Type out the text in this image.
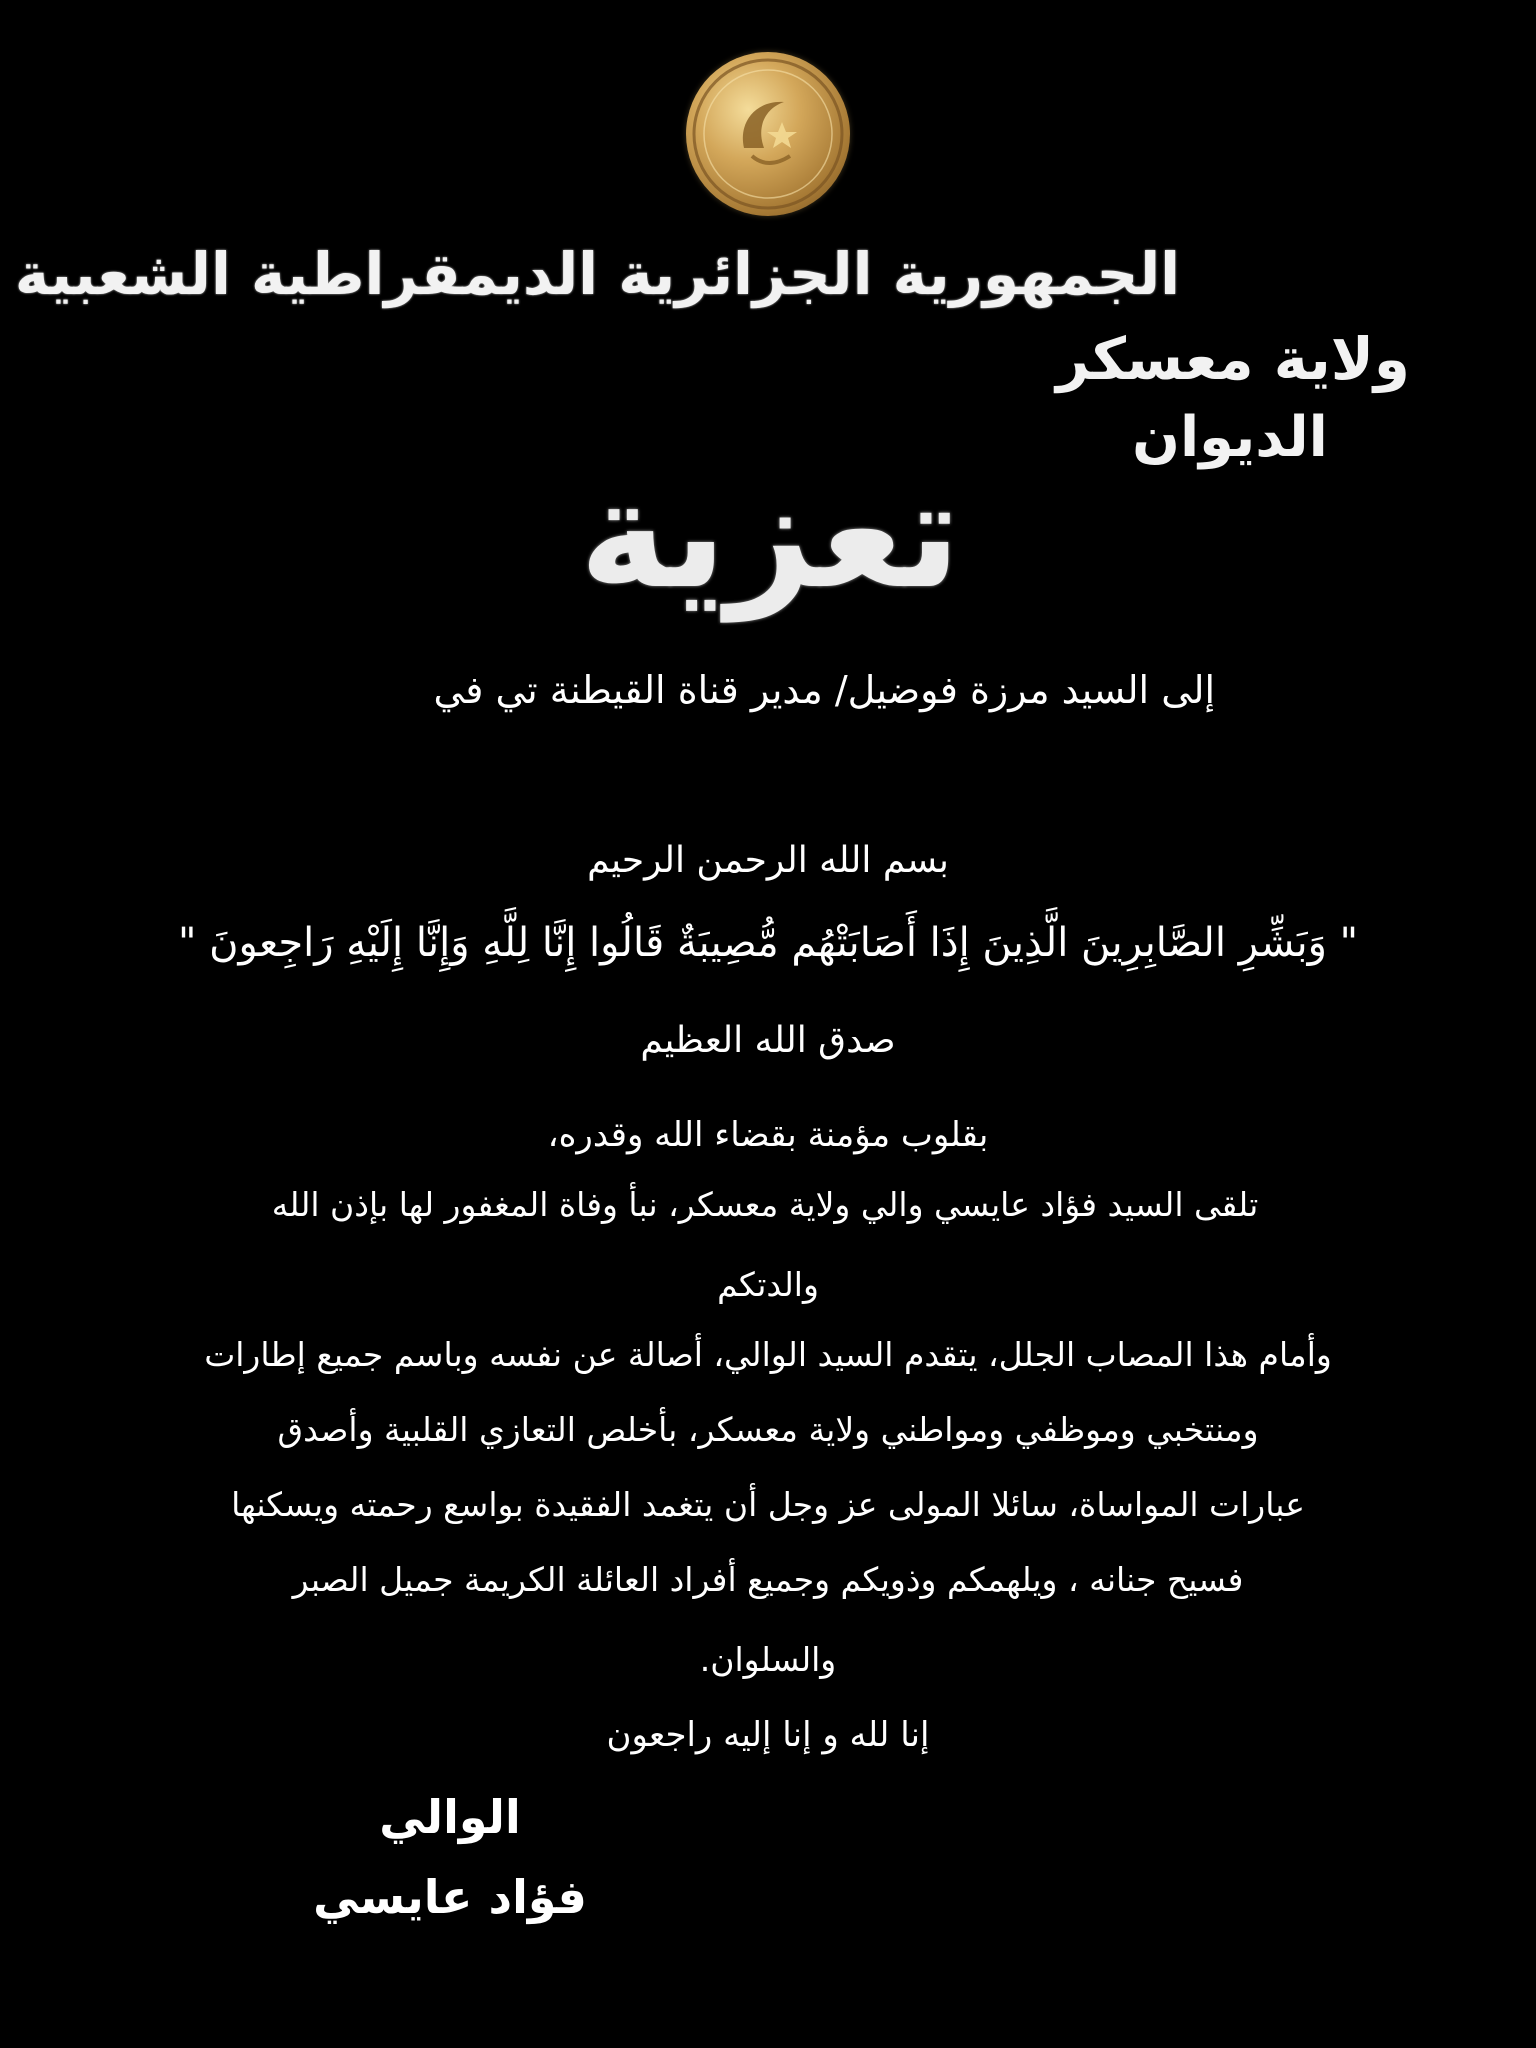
الجمهورية الجزائرية الديمقراطية الشعبية
ولاية معسكر
الديوان
تعزية
إلى السيد مرزة فوضيل/ مدير قناة القيطنة تي في
بسم الله الرحمن الرحيم
" وَبَشِّرِ الصَّابِرِينَ الَّذِينَ إِذَا أَصَابَتْهُم مُّصِيبَةٌ قَالُوا إِنَّا لِلَّهِ وَإِنَّا إِلَيْهِ رَاجِعونَ "
صدق الله العظيم
بقلوب مؤمنة بقضاء الله وقدره،
تلقى السيد فؤاد عايسي والي ولاية معسكر، نبأ وفاة المغفور لها بإذن الله
والدتكم
وأمام هذا المصاب الجلل، يتقدم السيد الوالي، أصالة عن نفسه وباسم جميع إطارات
ومنتخبي وموظفي ومواطني ولاية معسكر، بأخلص التعازي القلبية وأصدق
عبارات المواساة، سائلا المولى عز وجل أن يتغمد الفقيدة بواسع رحمته ويسكنها
فسيح جنانه ، ويلهمكم وذويكم وجميع أفراد العائلة الكريمة جميل الصبر
والسلوان.
إنا لله و إنا إليه راجعون
الوالي
فؤاد عايسي
